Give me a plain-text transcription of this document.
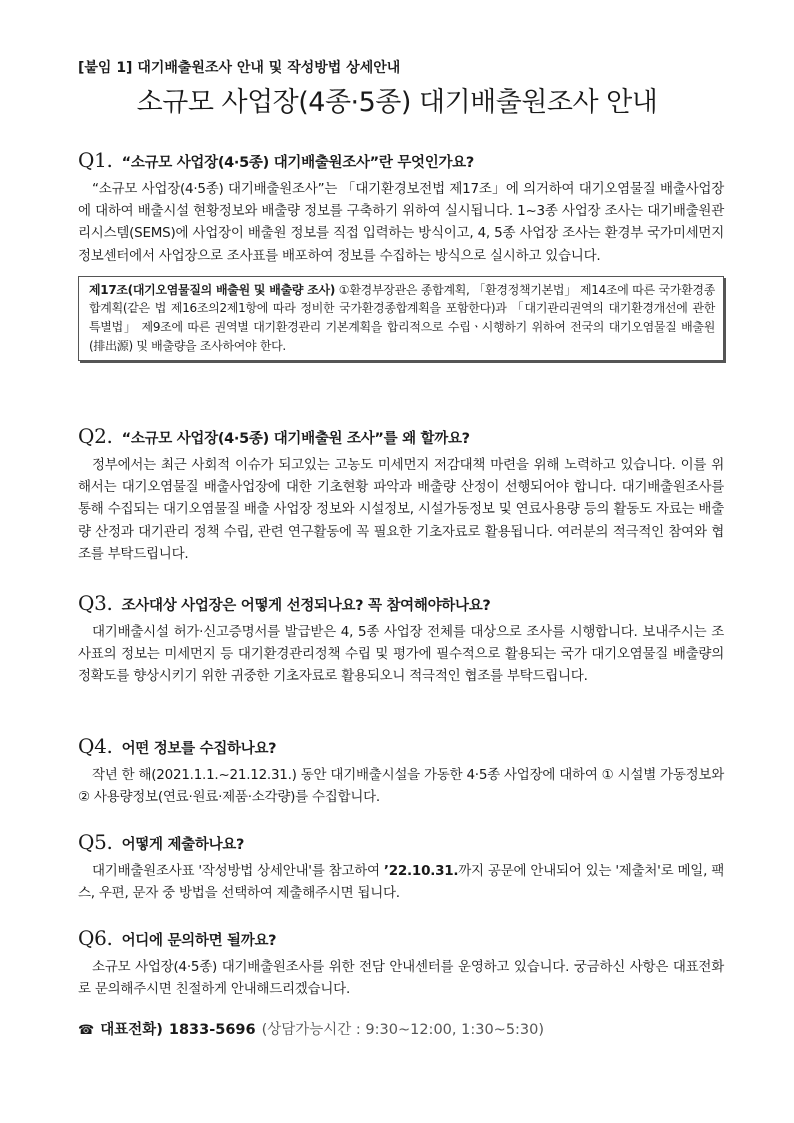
[붙임 1] 대기배출원조사 안내 및 작성방법 상세안내
소규모 사업장(4종·5종) 대기배출원조사 안내
Q1. “소규모 사업장(4·5종) 대기배출원조사”란 무엇인가요?

“소규모 사업장(4·5종) 대기배출원조사”는 「대기환경보전법 제17조」에 의거하여 대기오염물질 배출사업장에 대하여 배출시설 현황정보와 배출량 정보를 구축하기 위하여 실시됩니다. 1~3종 사업장 조사는 대기배출원관리시스템(SEMS)에 사업장이 배출원 정보를 직접 입력하는 방식이고, 4, 5종 사업장 조사는 환경부 국가미세먼지정보센터에서 사업장으로 조사표를 배포하여 정보를 수집하는 방식으로 실시하고 있습니다.

제17조(대기오염물질의 배출원 및 배출량 조사) ①환경부장관은 종합계획, 「환경정책기본법」 제14조에 따른 국가환경종합계획(같은 법 제16조의2제1항에 따라 정비한 국가환경종합계획을 포함한다)과 「대기관리권역의 대기환경개선에 관한 특별법」 제9조에 따른 권역별 대기환경관리 기본계획을 합리적으로 수립ㆍ시행하기 위하여 전국의 대기오염물질 배출원(排出源) 및 배출량을 조사하여야 한다.
Q2. “소규모 사업장(4·5종) 대기배출원 조사”를 왜 할까요?

정부에서는 최근 사회적 이슈가 되고있는 고농도 미세먼지 저감대책 마련을 위해 노력하고 있습니다. 이를 위해서는 대기오염물질 배출사업장에 대한 기초현황 파악과 배출량 산정이 선행되어야 합니다. 대기배출원조사를 통해 수집되는 대기오염물질 배출 사업장 정보와 시설정보, 시설가동정보 및 연료사용량 등의 활동도 자료는 배출량 산정과 대기관리 정책 수립, 관련 연구활동에 꼭 필요한 기초자료로 활용됩니다. 여러분의 적극적인 참여와 협조를 부탁드립니다.

Q3. 조사대상 사업장은 어떻게 선정되나요? 꼭 참여해야하나요?

대기배출시설 허가·신고증명서를 발급받은 4, 5종 사업장 전체를 대상으로 조사를 시행합니다. 보내주시는 조사표의 정보는 미세먼지 등 대기환경관리정책 수립 및 평가에 필수적으로 활용되는 국가 대기오염물질 배출량의 정확도를 향상시키기 위한 귀중한 기초자료로 활용되오니 적극적인 협조를 부탁드립니다.

Q4. 어떤 정보를 수집하나요?

작년 한 해(2021.1.1.~21.12.31.) 동안 대기배출시설을 가동한 4·5종 사업장에 대하여 ① 시설별 가동정보와 ② 사용량정보(연료·원료·제품·소각량)를 수집합니다.

Q5. 어떻게 제출하나요?

대기배출원조사표 '작성방법 상세안내'를 참고하여 ’22.10.31.까지 공문에 안내되어 있는 '제출처'로 메일, 팩스, 우편, 문자 중 방법을 선택하여 제출해주시면 됩니다.

Q6. 어디에 문의하면 될까요?

소규모 사업장(4·5종) 대기배출원조사를 위한 전담 안내센터를 운영하고 있습니다. 궁금하신 사항은 대표전화로 문의해주시면 친절하게 안내해드리겠습니다.

☎ 대표전화) 1833-5696 (상담가능시간 : 9:30~12:00, 1:30~5:30)
